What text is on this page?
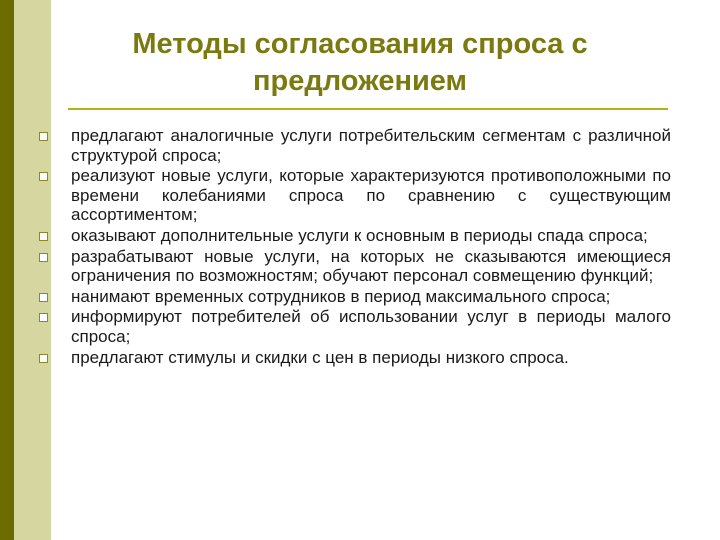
Методы согласования спроса с предложением
предлагают аналогичные услуги потребительским сегментам с различной структурой спроса;
реализуют новые услуги, которые характеризуются противоположными по времени колебаниями спроса по сравнению с существующим ассортиментом;
оказывают дополнительные услуги к основным в периоды спада спроса;
разрабатывают новые услуги, на которых не сказываются имеющиеся ограничения по возможностям; обучают персонал совмещению функций;
нанимают временных сотрудников в период максимального спроса;
информируют потребителей об использовании услуг в периоды малого спроса;
предлагают стимулы и скидки с цен в периоды низкого спроса.
